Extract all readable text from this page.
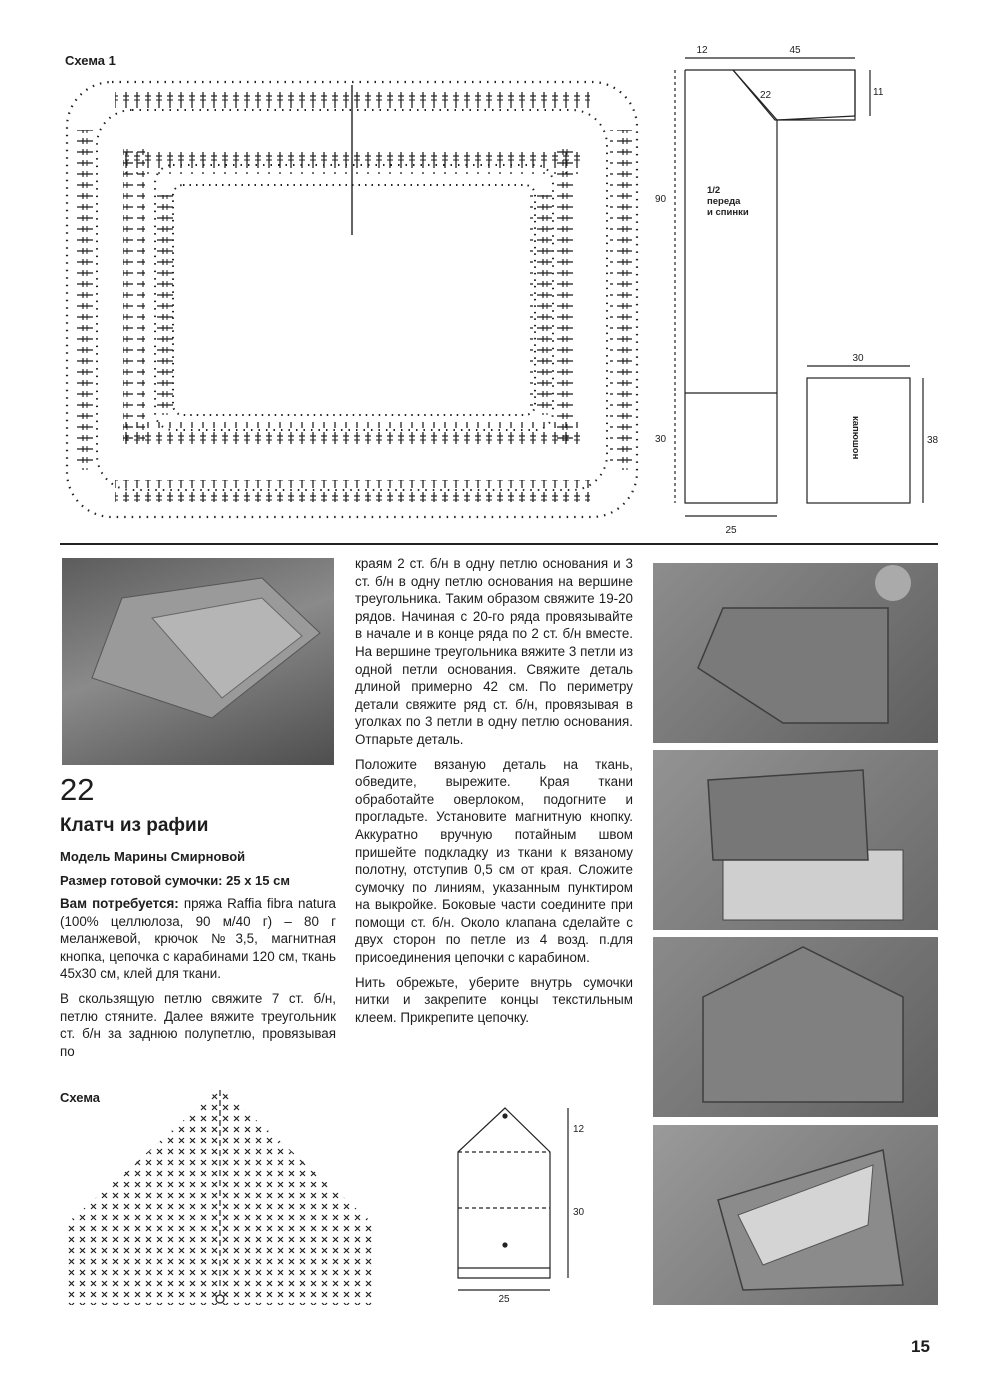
Схема 1
12	45
11
22
90
30
25
1/2
переда
и спинки
30
38
капюшон
22
Клатч из рафии
Модель Марины Смирновой
Размер готовой сумочки: 25 x 15 см

Вам потребуется: пряжа Raffia fibra natura (100% целлюлоза, 90 м/40 г) – 80 г меланжевой, крючок №3,5, магнитная кнопка, цепочка с карабинами 120 см, ткань 45х30 см, клей для ткани.

В скользящую петлю свяжите 7 ст. б/н, петлю стяните. Далее вяжите треугольник ст. б/н за заднюю полупетлю, провязывая по

краям 2 ст. б/н в одну петлю основания и 3 ст. б/н в одну петлю основания на вершине треугольника. Таким образом свяжите 19-20 рядов. Начиная с 20-го ряда провязывайте в начале и в конце ряда по 2 ст. б/н вместе. На вершине треугольника вяжите 3 петли из одной петли основания. Свяжите деталь длиной примерно 42 см. По периметру детали свяжите ряд ст. б/н, провязывая в уголках по 3 петли в одну петлю основания. Отпарьте деталь.

Положите вязаную деталь на ткань, обведите, вырежите. Края ткани обработайте оверлоком, подогните и прогладьте. Установите магнитную кнопку. Аккуратно вручную потайным швом пришейте подкладку из ткани к вязаному полотну, отступив 0,5 см от края. Сложите сумочку по линиям, указанным пунктиром на выкройке. Боковые части соедините при помощи ст. б/н. Около клапана сделайте с двух сторон по петле из 4 возд. п.для присоединения цепочки с карабином.

Нить обрежьте, уберите внутрь сумочки нитки и закрепите концы текстильным клеем. Прикрепите цепочку.

Схема
12
30
25
15
